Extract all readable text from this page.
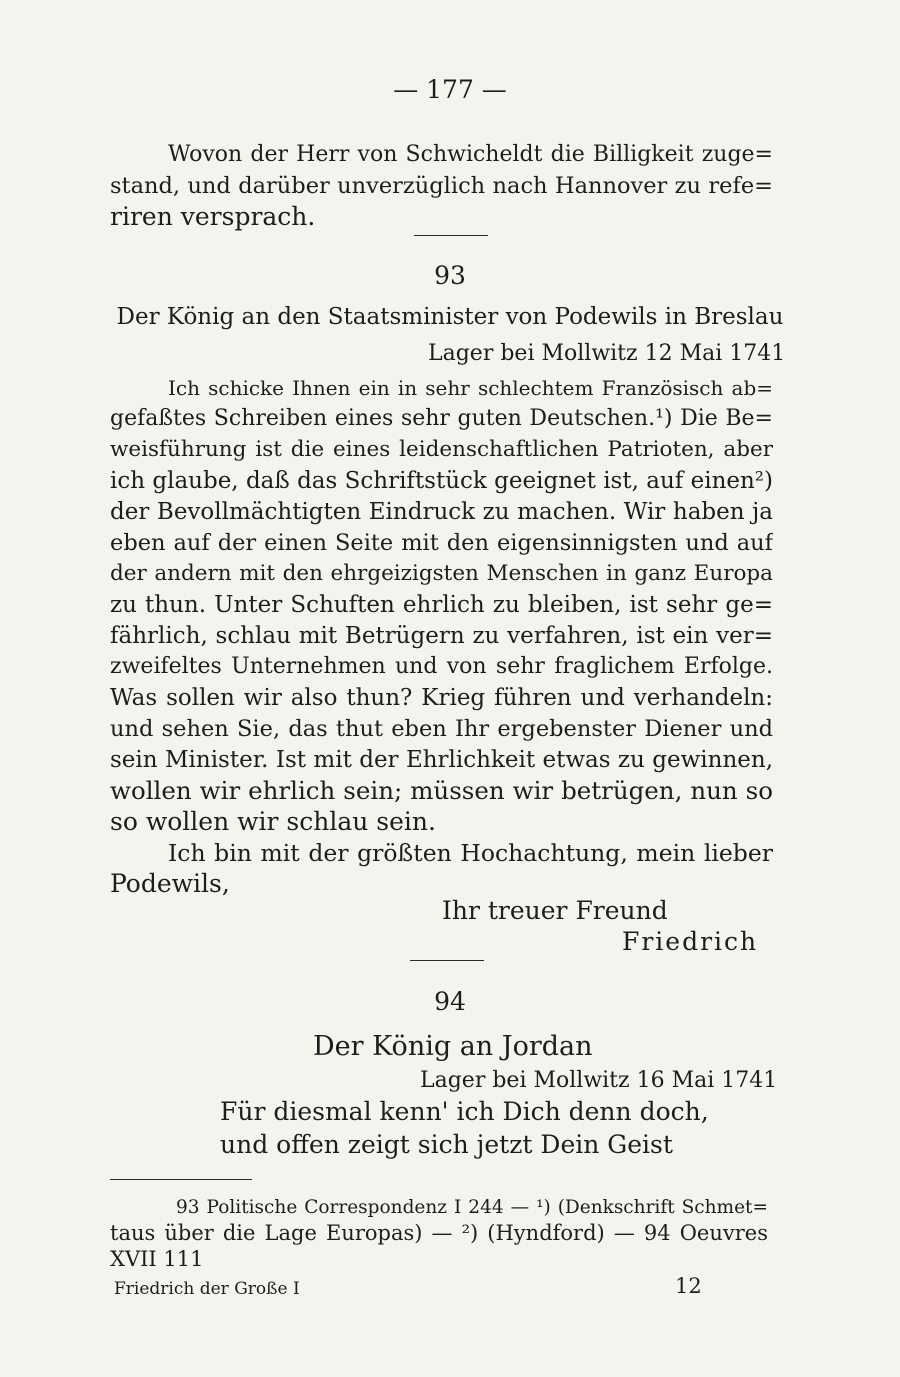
— 177 —
Wovon der Herr von Schwicheldt die Billigkeit zuge=
stand, und darüber unverzüglich nach Hannover zu refe=
riren versprach.
93
Der König an den Staatsminister von Podewils in Breslau
Lager bei Mollwitz 12 Mai 1741
Ich schicke Ihnen ein in sehr schlechtem Französisch ab=
gefaßtes Schreiben eines sehr guten Deutschen.¹) Die Be=
weisführung ist die eines leidenschaftlichen Patrioten, aber
ich glaube, daß das Schriftstück geeignet ist, auf einen²)
der Bevollmächtigten Eindruck zu machen. Wir haben ja
eben auf der einen Seite mit den eigensinnigsten und auf
der andern mit den ehrgeizigsten Menschen in ganz Europa
zu thun. Unter Schuften ehrlich zu bleiben, ist sehr ge=
fährlich, schlau mit Betrügern zu verfahren, ist ein ver=
zweifeltes Unternehmen und von sehr fraglichem Erfolge.
Was sollen wir also thun? Krieg führen und verhandeln:
und sehen Sie, das thut eben Ihr ergebenster Diener und
sein Minister. Ist mit der Ehrlichkeit etwas zu gewinnen,
wollen wir ehrlich sein; müssen wir betrügen, nun so
so wollen wir schlau sein.
Ich bin mit der größten Hochachtung, mein lieber
Podewils,
Ihr treuer Freund
Friedrich
94
Der König an Jordan
Lager bei Mollwitz 16 Mai 1741
Für diesmal kenn' ich Dich denn doch,
und offen zeigt sich jetzt Dein Geist
93 Politische Correspondenz I 244 — ¹) (Denkschrift Schmet=
taus über die Lage Europas) — ²) (Hyndford) — 94 Oeuvres
XVII 111
Friedrich der Große I	12
